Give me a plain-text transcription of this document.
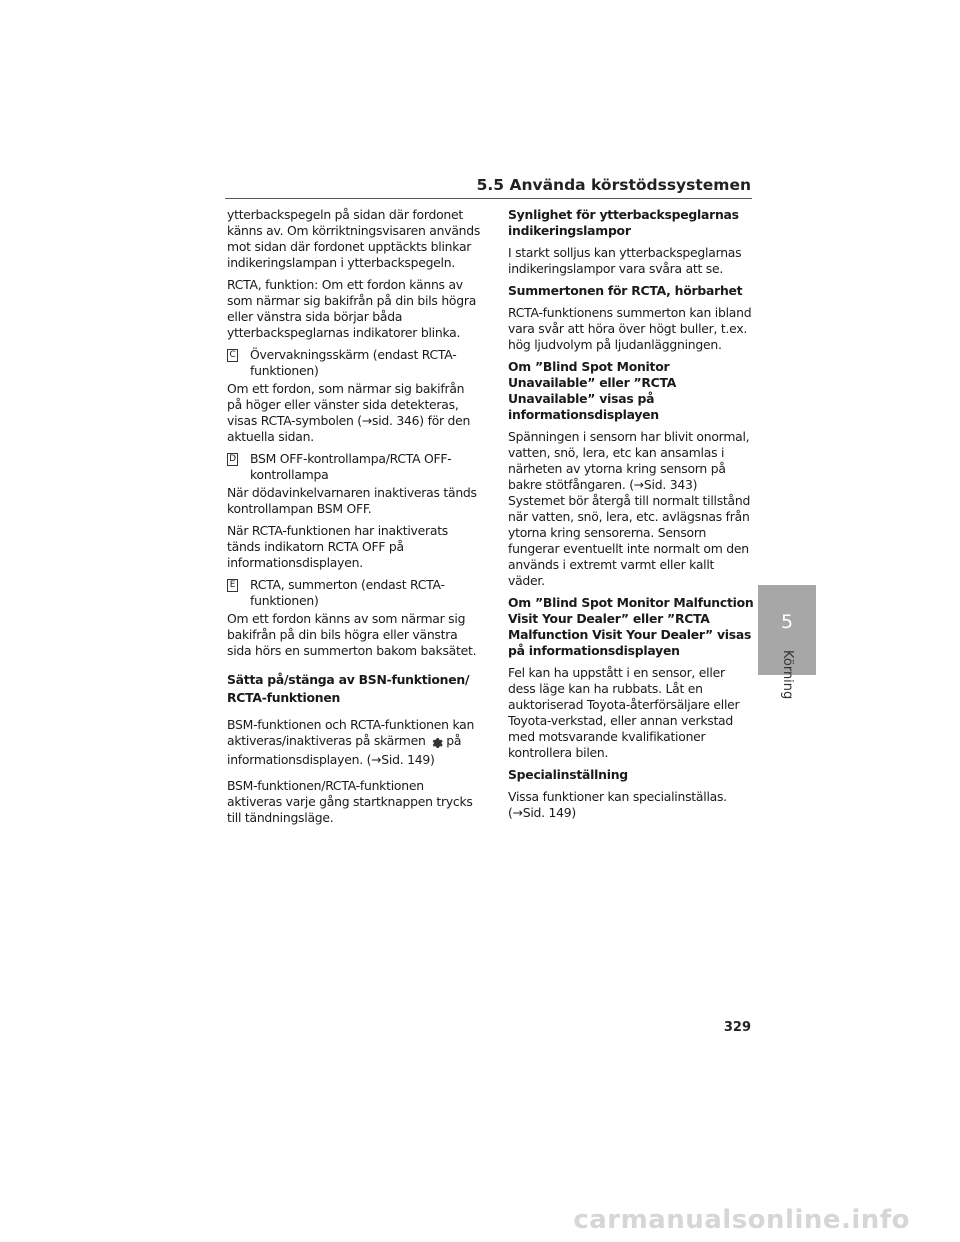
5.5 Använda körstödssystemen

ytterbackspegeln på sidan där fordonet känns av. Om körriktningsvisaren används mot sidan där fordonet upptäckts blinkar indikeringslampan i ytterbackspegeln.

RCTA, funktion: Om ett fordon känns av som närmar sig bakifrån på din bils högra eller vänstra sida börjar båda ytterbackspeglarnas indikatorer blinka.

C Övervakningsskärm (endast RCTA-funktionen)

Om ett fordon, som närmar sig bakifrån på höger eller vänster sida detekteras, visas RCTA-symbolen (→sid. 346) för den aktuella sidan.

D BSM OFF-kontrollampa/RCTA OFF-kontrollampa

När dödavinkelvarnaren inaktiveras tänds kontrollampan BSM OFF.

När RCTA-funktionen har inaktiverats tänds indikatorn RCTA OFF på informationsdisplayen.

E RCTA, summerton (endast RCTA-funktionen)

Om ett fordon känns av som närmar sig bakifrån på din bils högra eller vänstra sida hörs en summerton bakom baksätet.

Sätta på/stänga av BSN-funktionen/ RCTA-funktionen

BSM-funktionen och RCTA-funktionen kan aktiveras/inaktiveras på skärmen på informationsdisplayen. (→Sid. 149)

BSM-funktionen/RCTA-funktionen aktiveras varje gång startknappen trycks till tändningsläge.

Synlighet för ytterbackspeglarnas indikeringslampor

I starkt solljus kan ytterbackspeglarnas indikeringslampor vara svåra att se.

Summertonen för RCTA, hörbarhet

RCTA-funktionens summerton kan ibland vara svår att höra över högt buller, t.ex. hög ljudvolym på ljudanläggningen.

Om ”Blind Spot Monitor Unavailable” eller ”RCTA Unavailable” visas på informationsdisplayen

Spänningen i sensorn har blivit onormal, vatten, snö, lera, etc kan ansamlas i närheten av ytorna kring sensorn på bakre stötfångaren. (→Sid. 343) Systemet bör återgå till normalt tillstånd när vatten, snö, lera, etc. avlägsnas från ytorna kring sensorerna. Sensorn fungerar eventuellt inte normalt om den används i extremt varmt eller kallt väder.

Om ”Blind Spot Monitor Malfunction Visit Your Dealer” eller ”RCTA Malfunction Visit Your Dealer” visas på informationsdisplayen

Fel kan ha uppstått i en sensor, eller dess läge kan ha rubbats. Låt en auktoriserad Toyota-återförsäljare eller Toyota-verkstad, eller annan verkstad med motsvarande kvalifikationer kontrollera bilen.

Specialinställning

Vissa funktioner kan specialinställas. (→Sid. 149)

5
Körning
329
carmanualsonline.info
